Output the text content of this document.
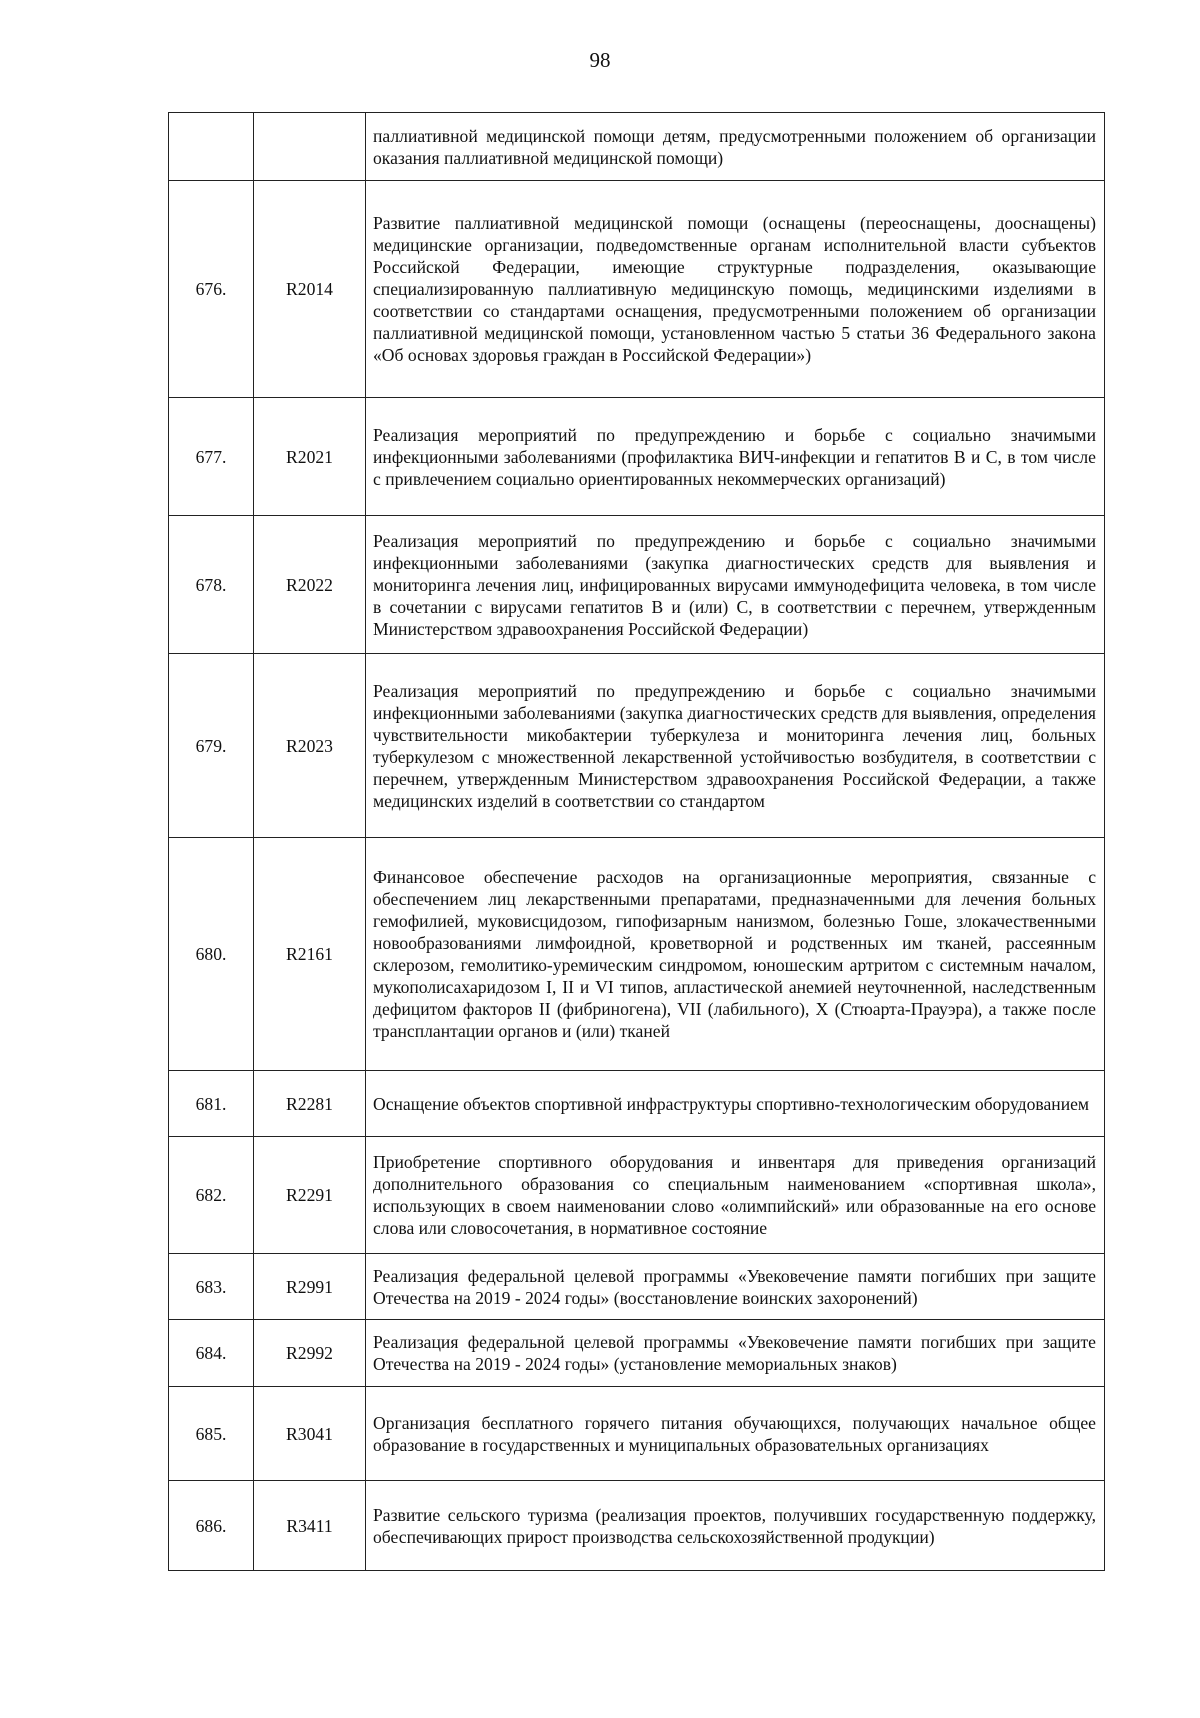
98

		паллиативной медицинской помощи детям, предусмотренными положением об организации оказания паллиативной медицинской помощи)

676.	R2014	Развитие паллиативной медицинской помощи (оснащены (переоснащены, дооснащены) медицинские организации, подведомственные органам исполнительной власти субъектов Российской Федерации, имеющие структурные подразделения, оказывающие специализированную паллиативную медицинскую помощь, медицинскими изделиями в соответствии со стандартами оснащения, предусмотренными положением об организации паллиативной медицинской помощи, установленном частью 5 статьи 36 Федерального закона «Об основах здоровья граждан в Российской Федерации»)

677.	R2021	Реализация мероприятий по предупреждению и борьбе с социально значимыми инфекционными заболеваниями (профилактика ВИЧ-инфекции и гепатитов В и С, в том числе с привлечением социально ориентированных некоммерческих организаций)

678.	R2022	Реализация мероприятий по предупреждению и борьбе с социально значимыми инфекционными заболеваниями (закупка диагностических средств для выявления и мониторинга лечения лиц, инфицированных вирусами иммунодефицита человека, в том числе в сочетании с вирусами гепатитов В и (или) С, в соответствии с перечнем, утвержденным Министерством здравоохранения Российской Федерации)

679.	R2023	Реализация мероприятий по предупреждению и борьбе с социально значимыми инфекционными заболеваниями (закупка диагностических средств для выявления, определения чувствительности микобактерии туберкулеза и мониторинга лечения лиц, больных туберкулезом с множественной лекарственной устойчивостью возбудителя, в соответствии с перечнем, утвержденным Министерством здравоохранения Российской Федерации, а также медицинских изделий в соответствии со стандартом

680.	R2161	Финансовое обеспечение расходов на организационные мероприятия, связанные с обеспечением лиц лекарственными препаратами, предназначенными для лечения больных гемофилией, муковисцидозом, гипофизарным нанизмом, болезнью Гоше, злокачественными новообразованиями лимфоидной, кроветворной и родственных им тканей, рассеянным склерозом, гемолитико-уремическим синдромом, юношеским артритом с системным началом, мукополисахаридозом I, II и VI типов, апластической анемией неуточненной, наследственным дефицитом факторов II (фибриногена), VII (лабильного), X (Стюарта-Прауэра), а также после трансплантации органов и (или) тканей

681.	R2281	Оснащение объектов спортивной инфраструктуры спортивно-технологическим оборудованием

682.	R2291	Приобретение спортивного оборудования и инвентаря для приведения организаций дополнительного образования со специальным наименованием «спортивная школа», использующих в своем наименовании слово «олимпийский» или образованные на его основе слова или словосочетания, в нормативное состояние

683.	R2991	Реализация федеральной целевой программы «Увековечение памяти погибших при защите Отечества на 2019 - 2024 годы» (восстановление воинских захоронений)

684.	R2992	Реализация федеральной целевой программы «Увековечение памяти погибших при защите Отечества на 2019 - 2024 годы» (установление мемориальных знаков)

685.	R3041	Организация бесплатного горячего питания обучающихся, получающих начальное общее образование в государственных и муниципальных образовательных организациях

686.	R3411	Развитие сельского туризма (реализация проектов, получивших государственную поддержку, обеспечивающих прирост производства сельскохозяйственной продукции)
